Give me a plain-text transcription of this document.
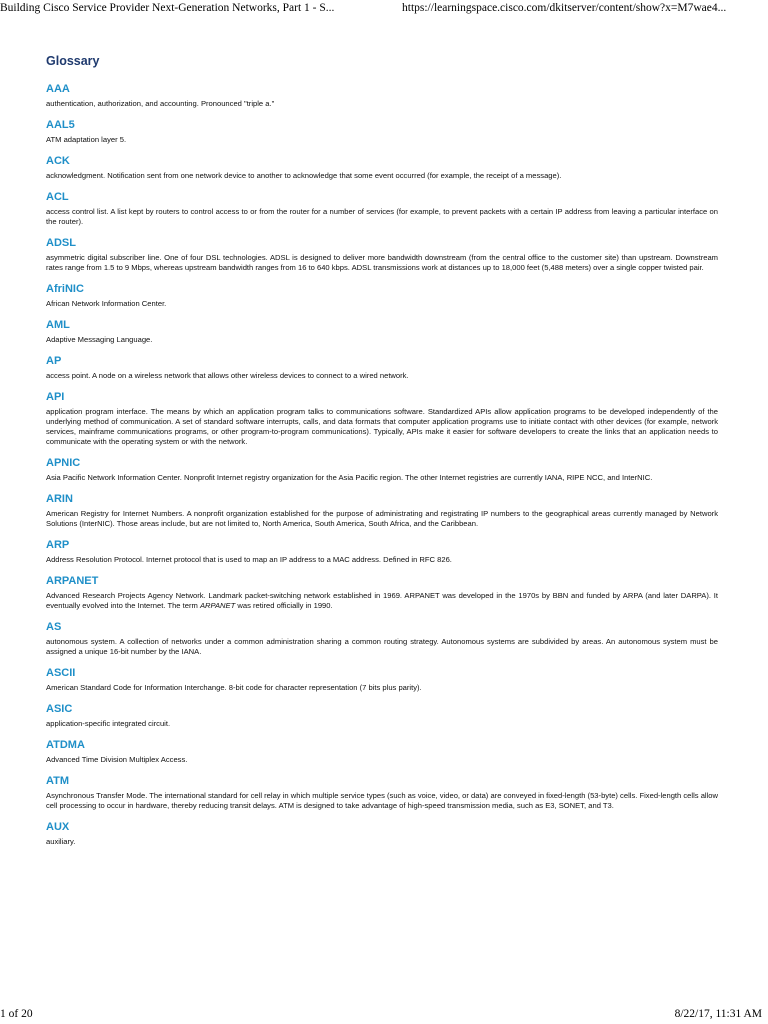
Building Cisco Service Provider Next-Generation Networks, Part 1 - S...	https://learningspace.cisco.com/dkitserver/content/show?x=M7wae4...
Glossary
AAA

authentication, authorization, and accounting. Pronounced "triple a."

AAL5

ATM adaptation layer 5.

ACK

acknowledgment. Notification sent from one network device to another to acknowledge that some event occurred (for example, the receipt of a message).

ACL

access control list. A list kept by routers to control access to or from the router for a number of services (for example, to prevent packets with a certain IP address from leaving a particular interface on the router).

ADSL

asymmetric digital subscriber line. One of four DSL technologies. ADSL is designed to deliver more bandwidth downstream (from the central office to the customer site) than upstream. Downstream rates range from 1.5 to 9 Mbps, whereas upstream bandwidth ranges from 16 to 640 kbps. ADSL transmissions work at distances up to 18,000 feet (5,488 meters) over a single copper twisted pair.

AfriNIC

African Network Information Center.

AML

Adaptive Messaging Language.

AP

access point. A node on a wireless network that allows other wireless devices to connect to a wired network.

API

application program interface. The means by which an application program talks to communications software. Standardized APIs allow application programs to be developed independently of the underlying method of communication. A set of standard software interrupts, calls, and data formats that computer application programs use to initiate contact with other devices (for example, network services, mainframe communications programs, or other program-to-program communications). Typically, APIs make it easier for software developers to create the links that an application needs to communicate with the operating system or with the network.

APNIC

Asia Pacific Network Information Center. Nonprofit Internet registry organization for the Asia Pacific region. The other Internet registries are currently IANA, RIPE NCC, and InterNIC.

ARIN

American Registry for Internet Numbers. A nonprofit organization established for the purpose of administrating and registrating IP numbers to the geographical areas currently managed by Network Solutions (InterNIC). Those areas include, but are not limited to, North America, South America, South Africa, and the Caribbean.

ARP

Address Resolution Protocol. Internet protocol that is used to map an IP address to a MAC address. Defined in RFC 826.

ARPANET

Advanced Research Projects Agency Network. Landmark packet-switching network established in 1969. ARPANET was developed in the 1970s by BBN and funded by ARPA (and later DARPA). It eventually evolved into the Internet. The term ARPANET was retired officially in 1990.

AS

autonomous system. A collection of networks under a common administration sharing a common routing strategy. Autonomous systems are subdivided by areas. An autonomous system must be assigned a unique 16-bit number by the IANA.

ASCII

American Standard Code for Information Interchange. 8-bit code for character representation (7 bits plus parity).

ASIC

application-specific integrated circuit.

ATDMA

Advanced Time Division Multiplex Access.

ATM

Asynchronous Transfer Mode. The international standard for cell relay in which multiple service types (such as voice, video, or data) are conveyed in fixed-length (53-byte) cells. Fixed-length cells allow cell processing to occur in hardware, thereby reducing transit delays. ATM is designed to take advantage of high-speed transmission media, such as E3, SONET, and T3.

AUX

auxiliary.

1 of 20	8/22/17, 11:31 AM
